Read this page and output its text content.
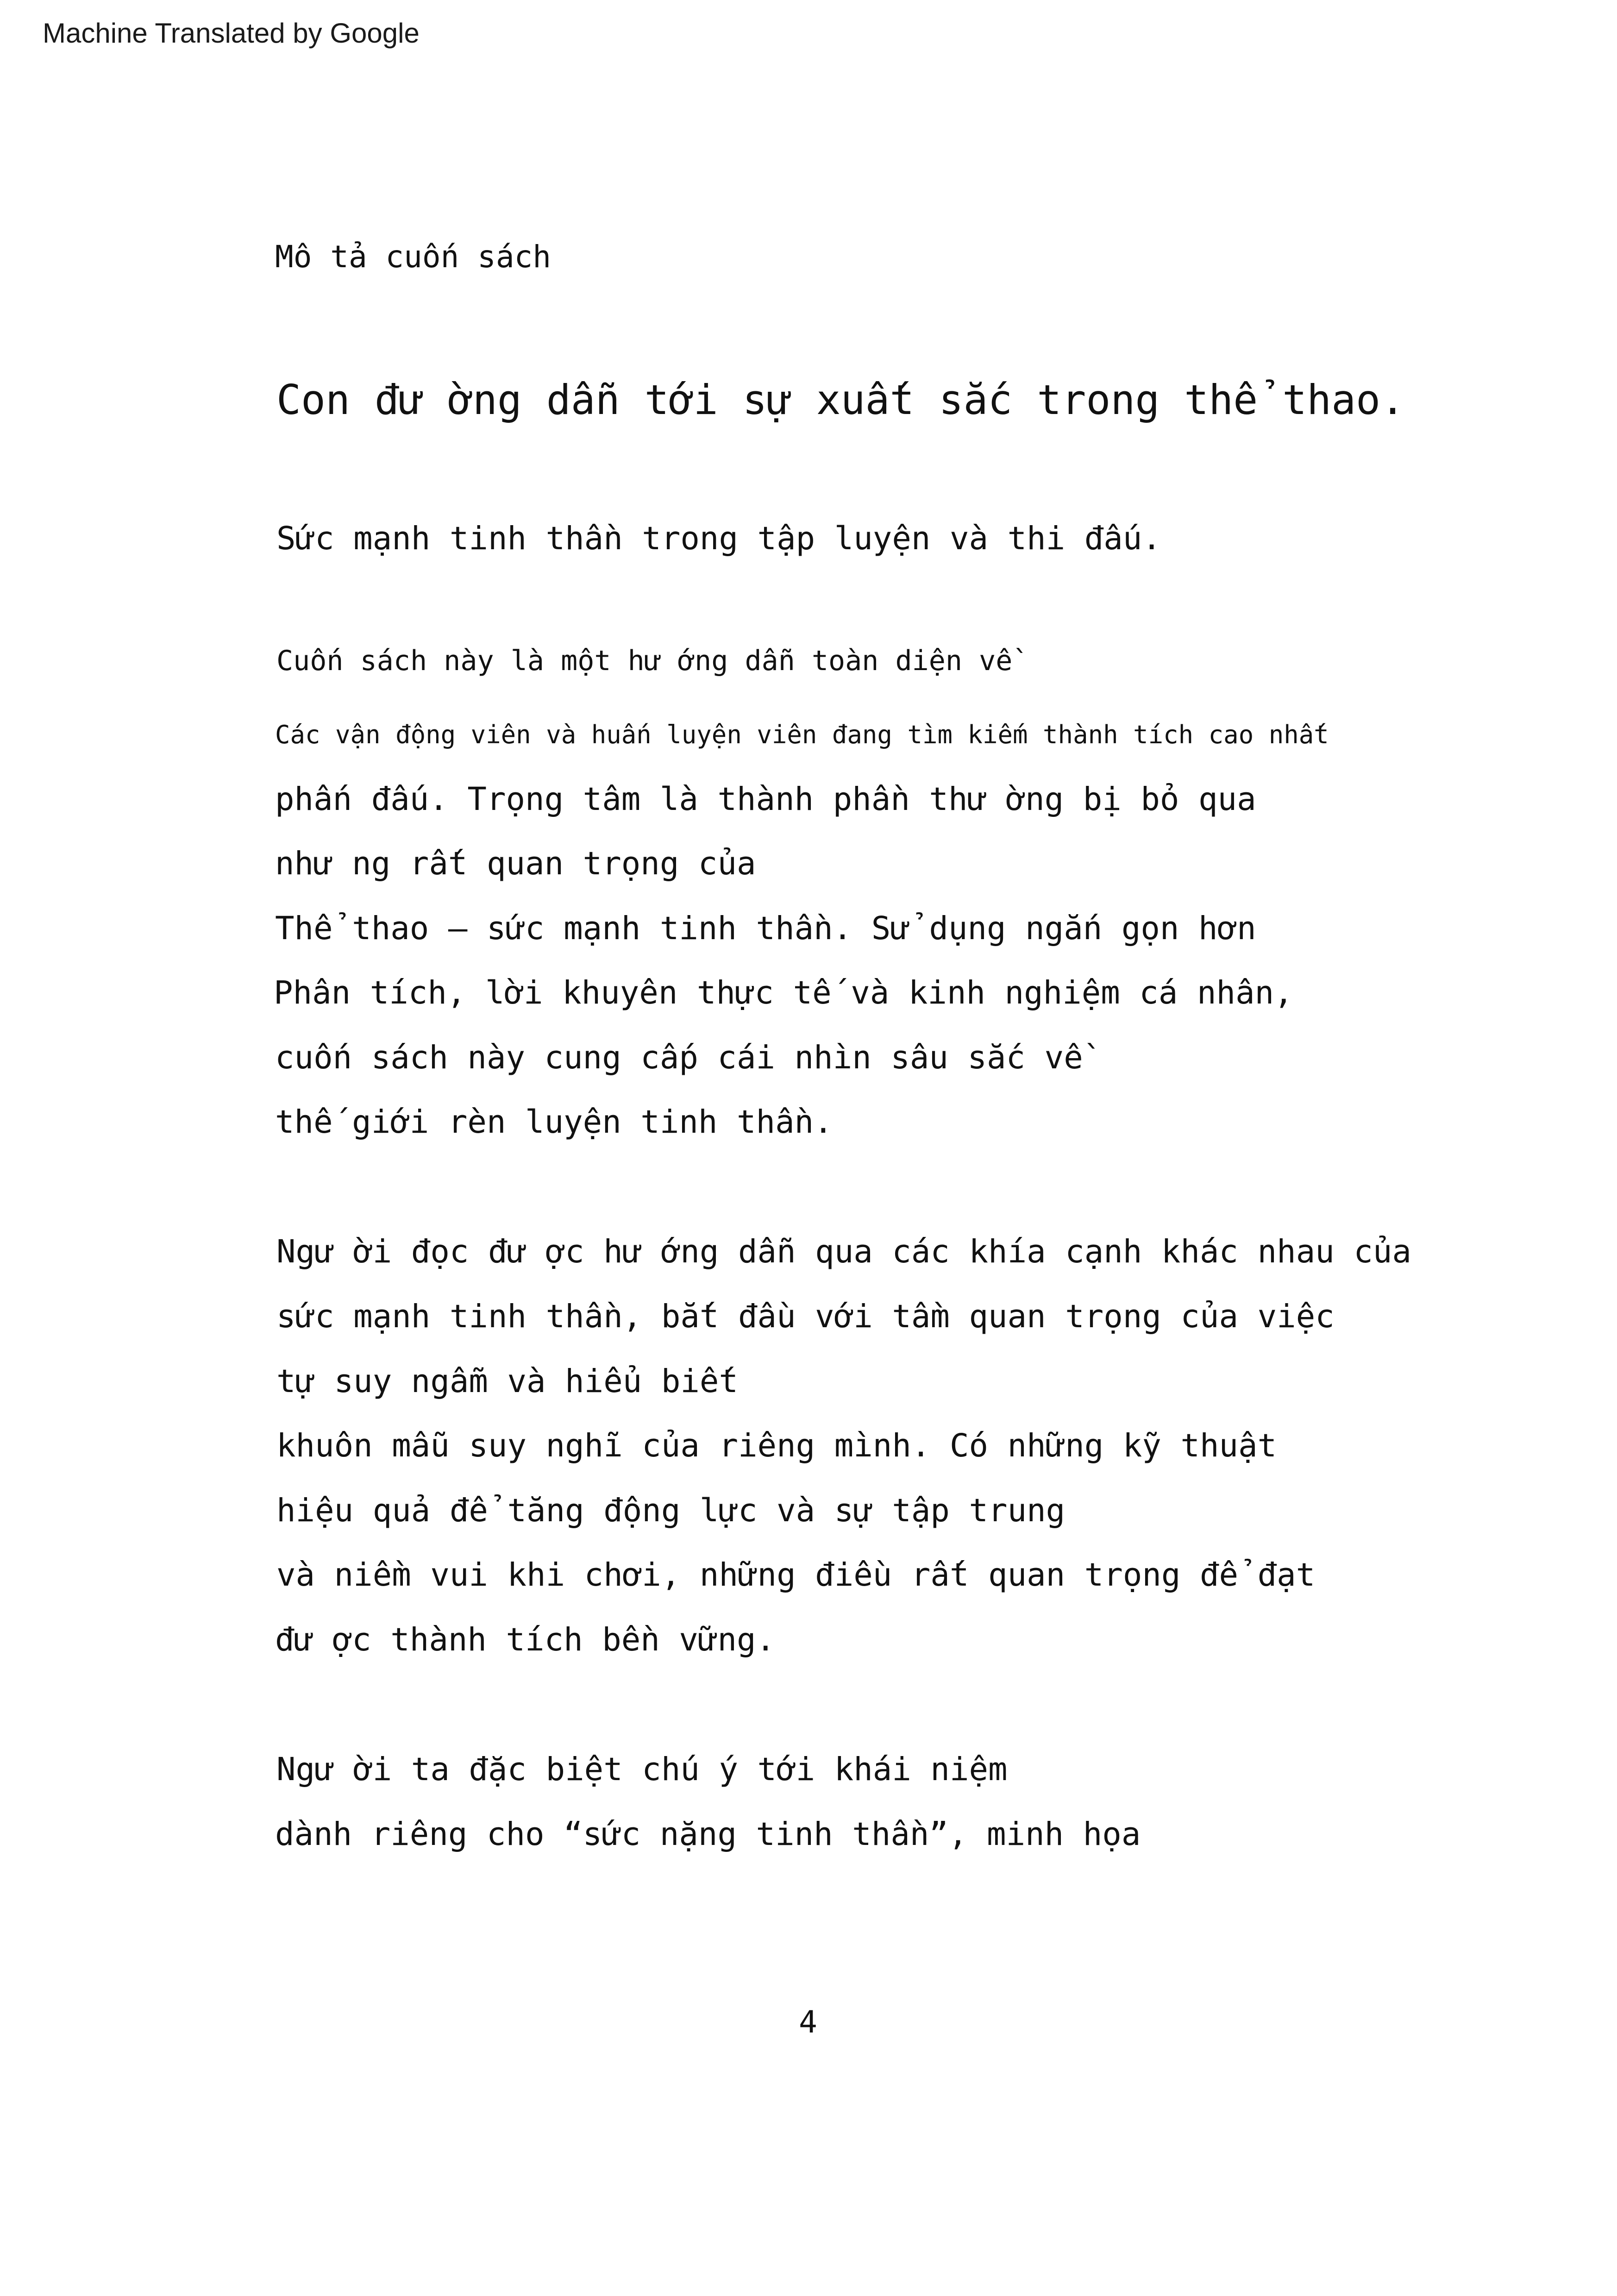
Machine Translated by Google
Mô tả cuốn sách
Con đư ờng dẫn tới sự xuất sắc trong thể thao.
Sức mạnh tinh thần trong tập luyện và thi đấu.
Cuốn sách này là một hư ớng dẫn toàn diện về
Các vận động viên và huấn luyện viên đang tìm kiếm thành tích cao nhất
phấn đấu. Trọng tâm là thành phần thư ờng bị bỏ qua
như ng rất quan trọng của
Thể thao – sức mạnh tinh thần. Sử dụng ngắn gọn hơn
Phân tích, lời khuyên thực tế và kinh nghiệm cá nhân,
cuốn sách này cung cấp cái nhìn sâu sắc về
thế giới rèn luyện tinh thần.
Ngư ời đọc đư ợc hư ớng dẫn qua các khía cạnh khác nhau của
sức mạnh tinh thần, bắt đầu với tầm quan trọng của việc
tự suy ngẫm và hiểu biết
khuôn mẫu suy nghĩ của riêng mình. Có những kỹ thuật
hiệu quả để tăng động lực và sự tập trung
và niềm vui khi chơi, những điều rất quan trọng để đạt
đư ợc thành tích bền vững.
Ngư ời ta đặc biệt chú ý tới khái niệm
dành riêng cho “sức nặng tinh thần”, minh họa
4
